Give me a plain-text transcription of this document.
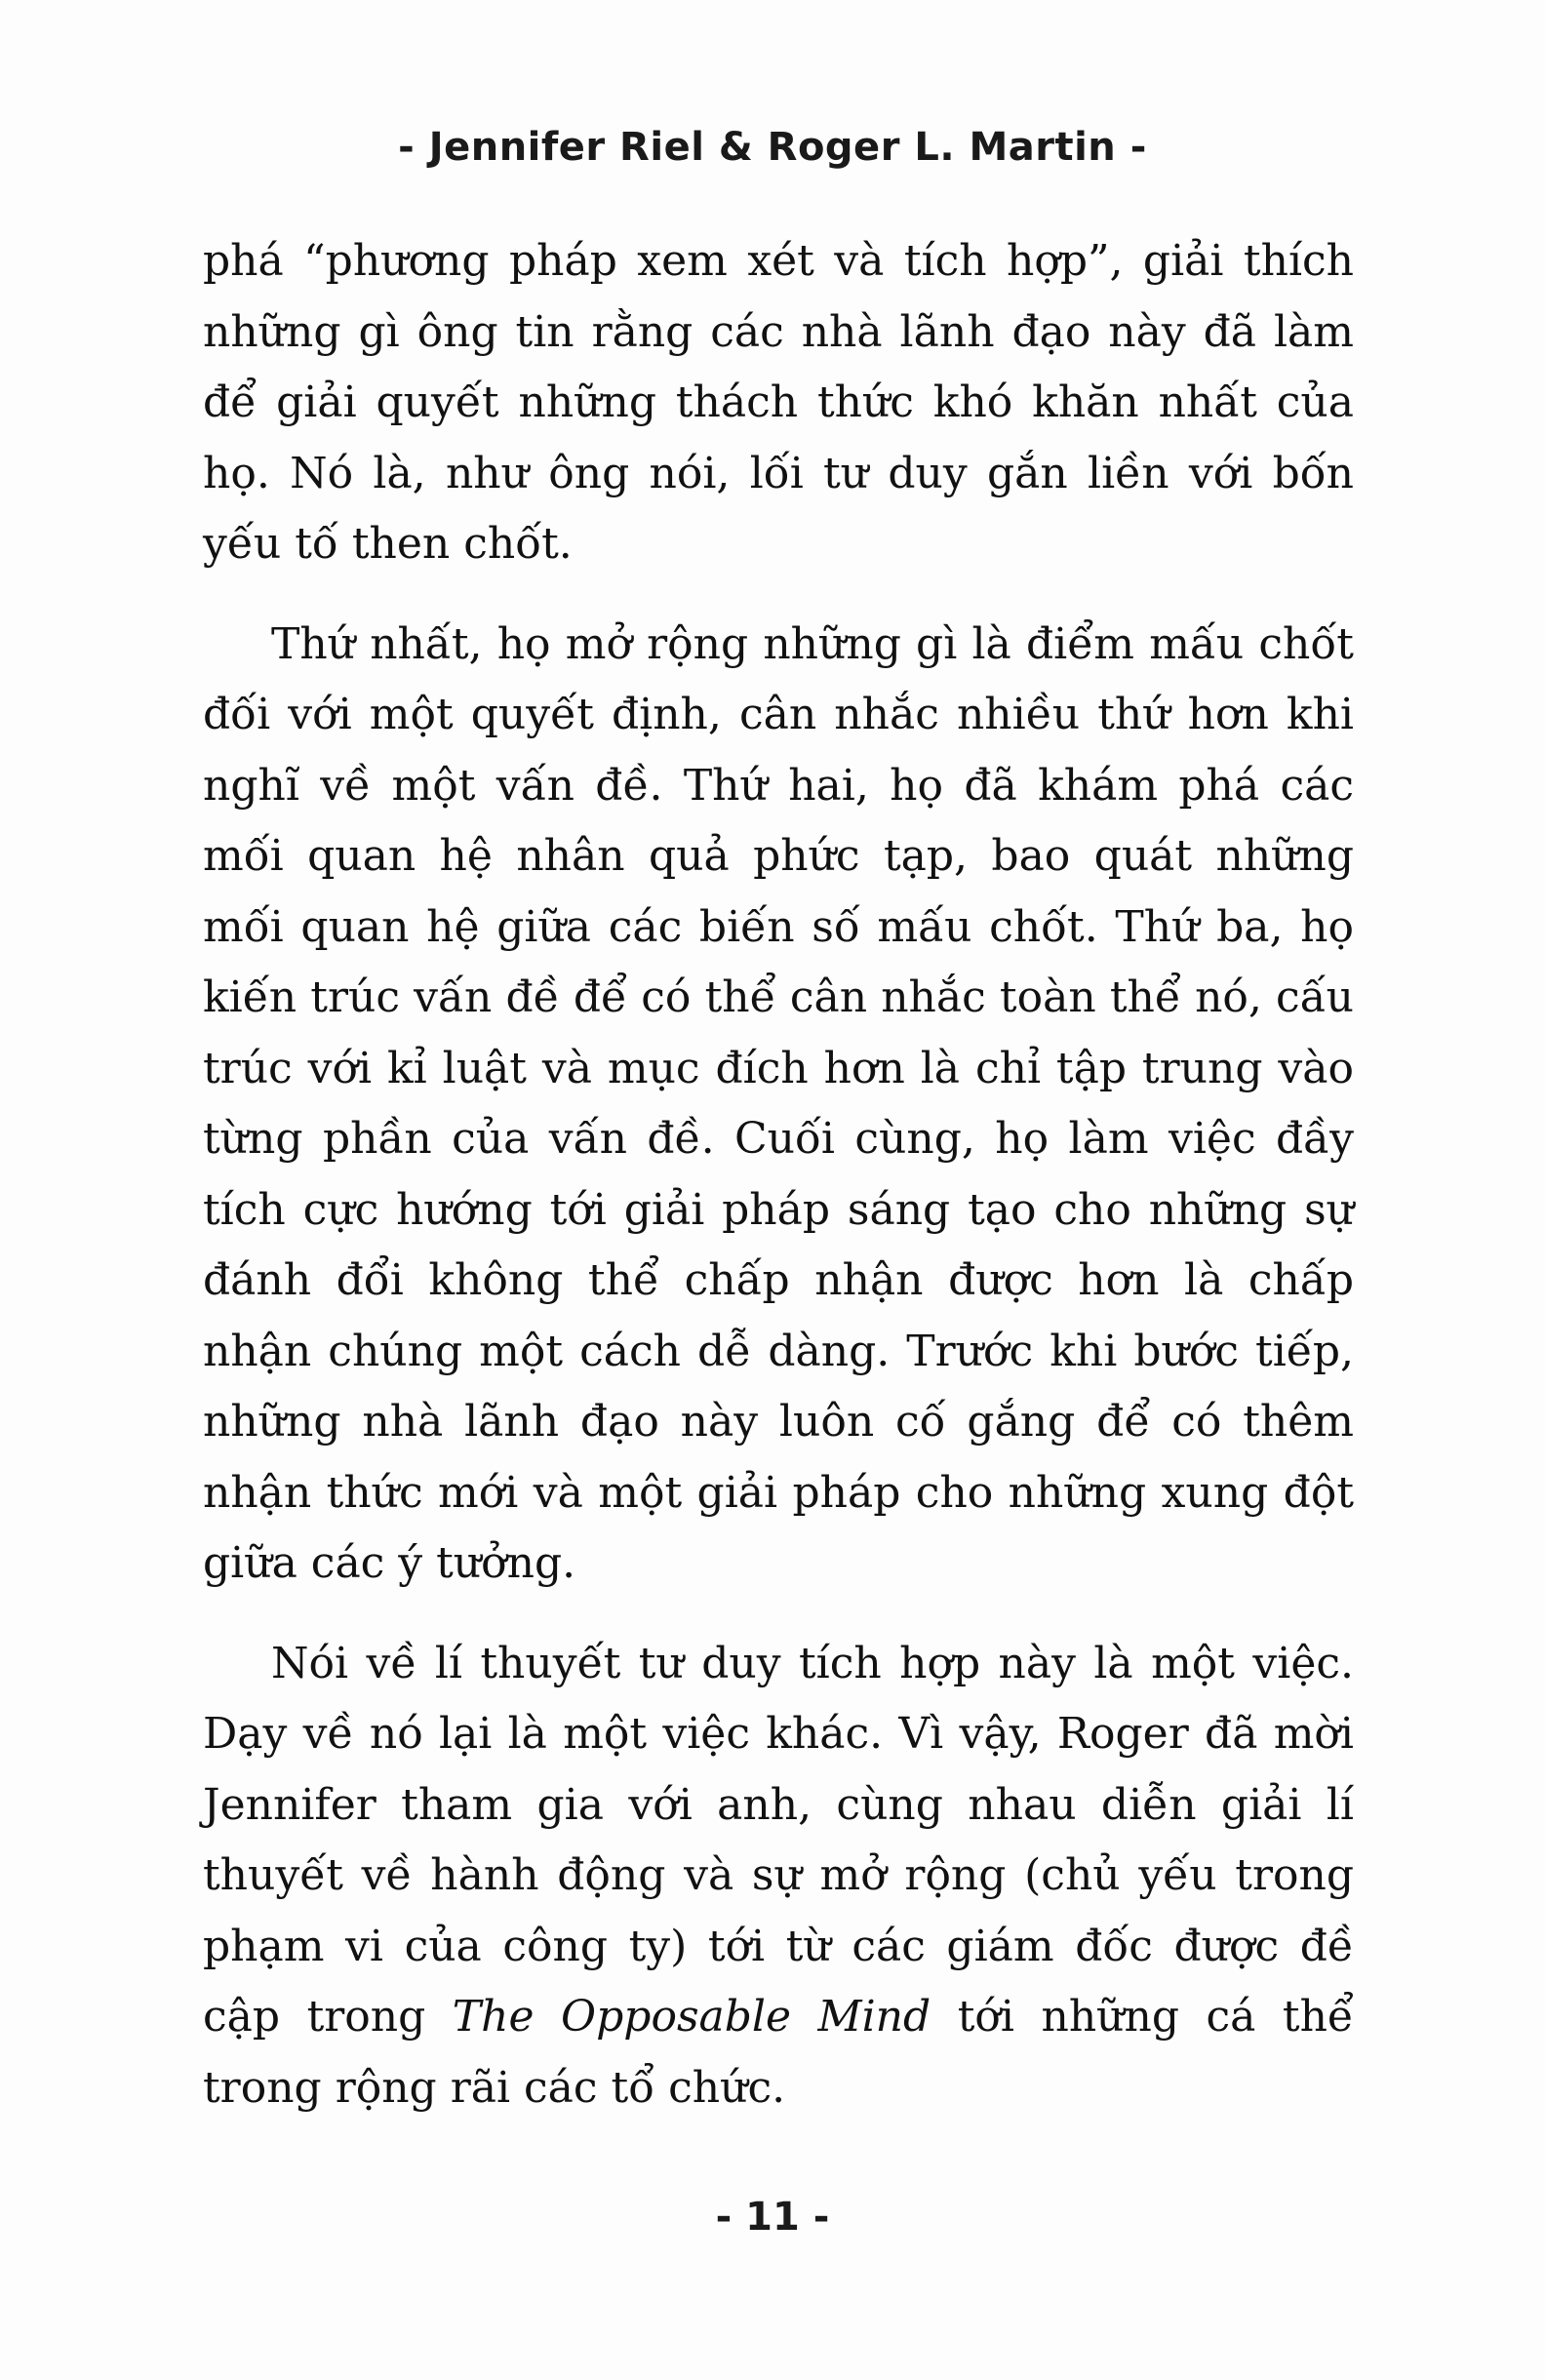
- Jennifer Riel & Roger L. Martin -

phá “phương pháp xem xét và tích hợp”, giải thích những gì ông tin rằng các nhà lãnh đạo này đã làm để giải quyết những thách thức khó khăn nhất của họ. Nó là, như ông nói, lối tư duy gắn liền với bốn yếu tố then chốt.

Thứ nhất, họ mở rộng những gì là điểm mấu chốt đối với một quyết định, cân nhắc nhiều thứ hơn khi nghĩ về một vấn đề. Thứ hai, họ đã khám phá các mối quan hệ nhân quả phức tạp, bao quát những mối quan hệ giữa các biến số mấu chốt. Thứ ba, họ kiến trúc vấn đề để có thể cân nhắc toàn thể nó, cấu trúc với kỉ luật và mục đích hơn là chỉ tập trung vào từng phần của vấn đề. Cuối cùng, họ làm việc đầy tích cực hướng tới giải pháp sáng tạo cho những sự đánh đổi không thể chấp nhận được hơn là chấp nhận chúng một cách dễ dàng. Trước khi bước tiếp, những nhà lãnh đạo này luôn cố gắng để có thêm nhận thức mới và một giải pháp cho những xung đột giữa các ý tưởng.

Nói về lí thuyết tư duy tích hợp này là một việc. Dạy về nó lại là một việc khác. Vì vậy, Roger đã mời Jennifer tham gia với anh, cùng nhau diễn giải lí thuyết về hành động và sự mở rộng (chủ yếu trong phạm vi của công ty) tới từ các giám đốc được đề cập trong The Opposable Mind tới những cá thể trong rộng rãi các tổ chức.

- 11 -
